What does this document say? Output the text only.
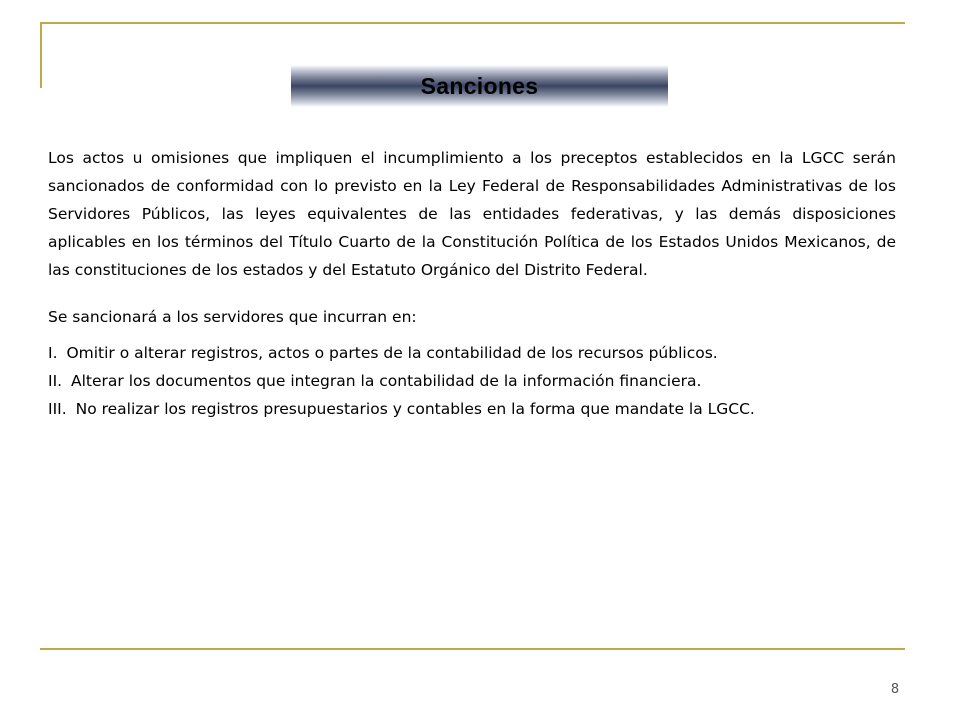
Sanciones

Los actos u omisiones que impliquen el incumplimiento a los preceptos establecidos en la LGCC serán sancionados de conformidad con lo previsto en la Ley Federal de Responsabilidades Administrativas de los Servidores Públicos, las leyes equivalentes de las entidades federativas, y las demás disposiciones aplicables en los términos del Título Cuarto de la Constitución Política de los Estados Unidos Mexicanos, de las constituciones de los estados y del Estatuto Orgánico del Distrito Federal.

Se sancionará a los servidores que incurran en:

I. Omitir o alterar registros, actos o partes de la contabilidad de los recursos públicos.
II. Alterar los documentos que integran la contabilidad de la información financiera.
III. No realizar los registros presupuestarios y contables en la forma que mandate la LGCC.
8
